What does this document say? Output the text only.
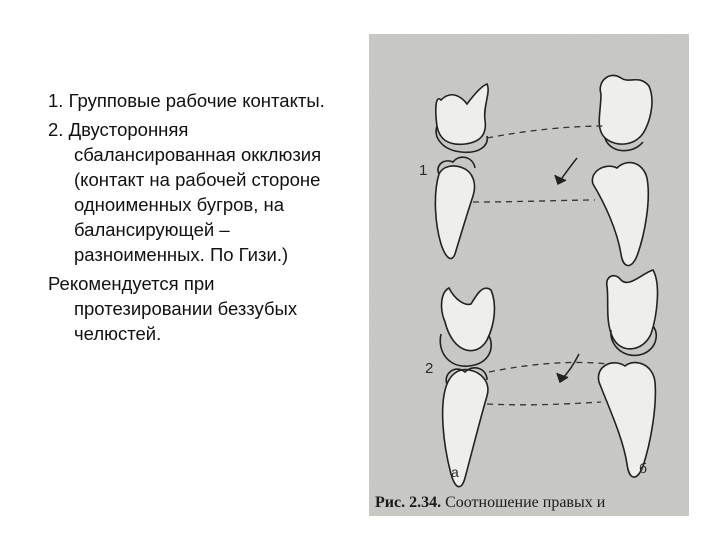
1. Групповые рабочие контакты.

2. Двусторонняя сбалансированная окклюзия (контакт на рабочей стороне одноименных бугров, на балансирующей – разноименных. По Гизи.)

Рекомендуется при протезировании беззубых челюстей.

1
2
а	б
Рис. 2.34. Соотношение правых и
